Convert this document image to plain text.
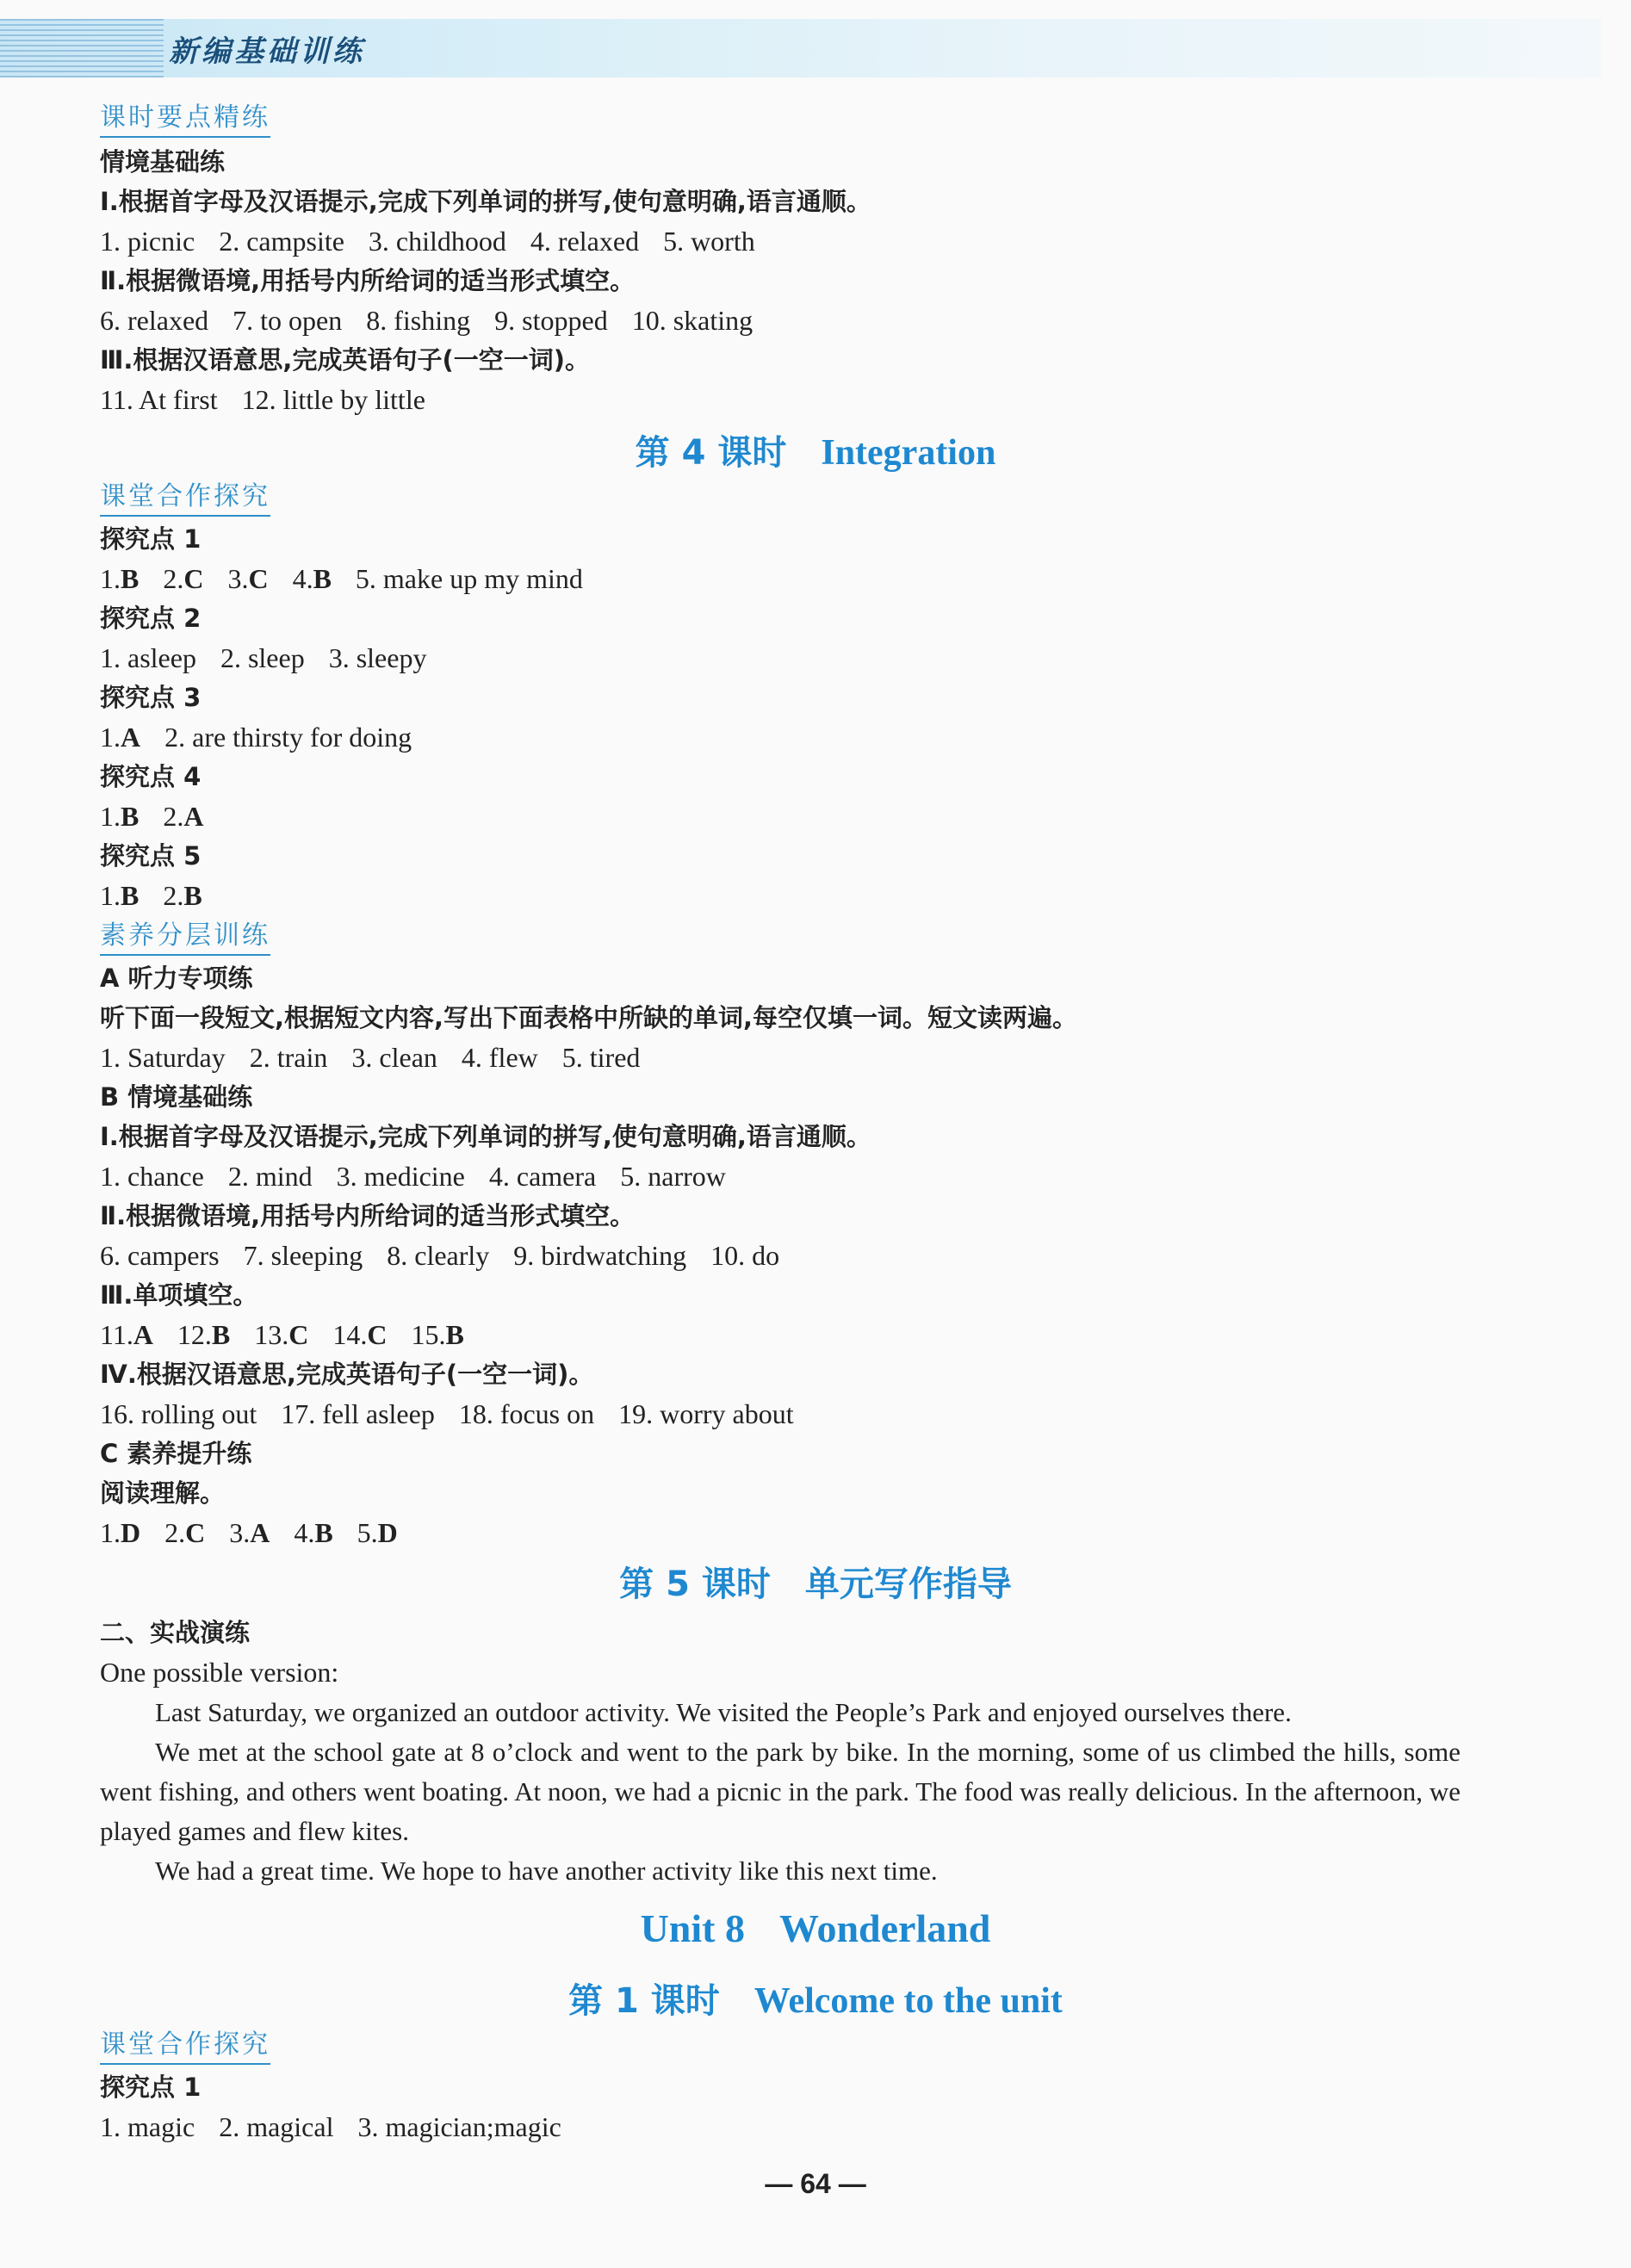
新编基础训练
课时要点精练
情境基础练
Ⅰ.根据首字母及汉语提示,完成下列单词的拼写,使句意明确,语言通顺。
1. picnic 2. campsite 3. childhood 4. relaxed 5. worth
Ⅱ.根据微语境,用括号内所给词的适当形式填空。
6. relaxed 7. to open 8. fishing 9. stopped 10. skating
Ⅲ.根据汉语意思,完成英语句子(一空一词)。
11. At first 12. little by little
第 4 课时 Integration
课堂合作探究
探究点 1
1.B 2.C 3.C 4.B 5. make up my mind
探究点 2
1. asleep 2. sleep 3. sleepy
探究点 3
1.A 2. are thirsty for doing
探究点 4
1.B 2.A
探究点 5
1.B 2.B
素养分层训练
A 听力专项练
听下面一段短文,根据短文内容,写出下面表格中所缺的单词,每空仅填一词。短文读两遍。
1. Saturday 2. train 3. clean 4. flew 5. tired
B 情境基础练
Ⅰ.根据首字母及汉语提示,完成下列单词的拼写,使句意明确,语言通顺。
1. chance 2. mind 3. medicine 4. camera 5. narrow
Ⅱ.根据微语境,用括号内所给词的适当形式填空。
6. campers 7. sleeping 8. clearly 9. birdwatching 10. do
Ⅲ.单项填空。
11.A 12.B 13.C 14.C 15.B
Ⅳ.根据汉语意思,完成英语句子(一空一词)。
16. rolling out 17. fell asleep 18. focus on 19. worry about
C 素养提升练
阅读理解。
1.D 2.C 3.A 4.B 5.D
第 5 课时 单元写作指导
二、实战演练
One possible version:
Last Saturday, we organized an outdoor activity. We visited the People’s Park and enjoyed ourselves there.
We met at the school gate at 8 o’clock and went to the park by bike. In the morning, some of us climbed the hills, some went fishing, and others went boating. At noon, we had a picnic in the park. The food was really delicious. In the afternoon, we played games and flew kites.
We had a great time. We hope to have another activity like this next time.
Unit 8 Wonderland
第 1 课时 Welcome to the unit
课堂合作探究
探究点 1
1. magic 2. magical 3. magician;magic
— 64 —
